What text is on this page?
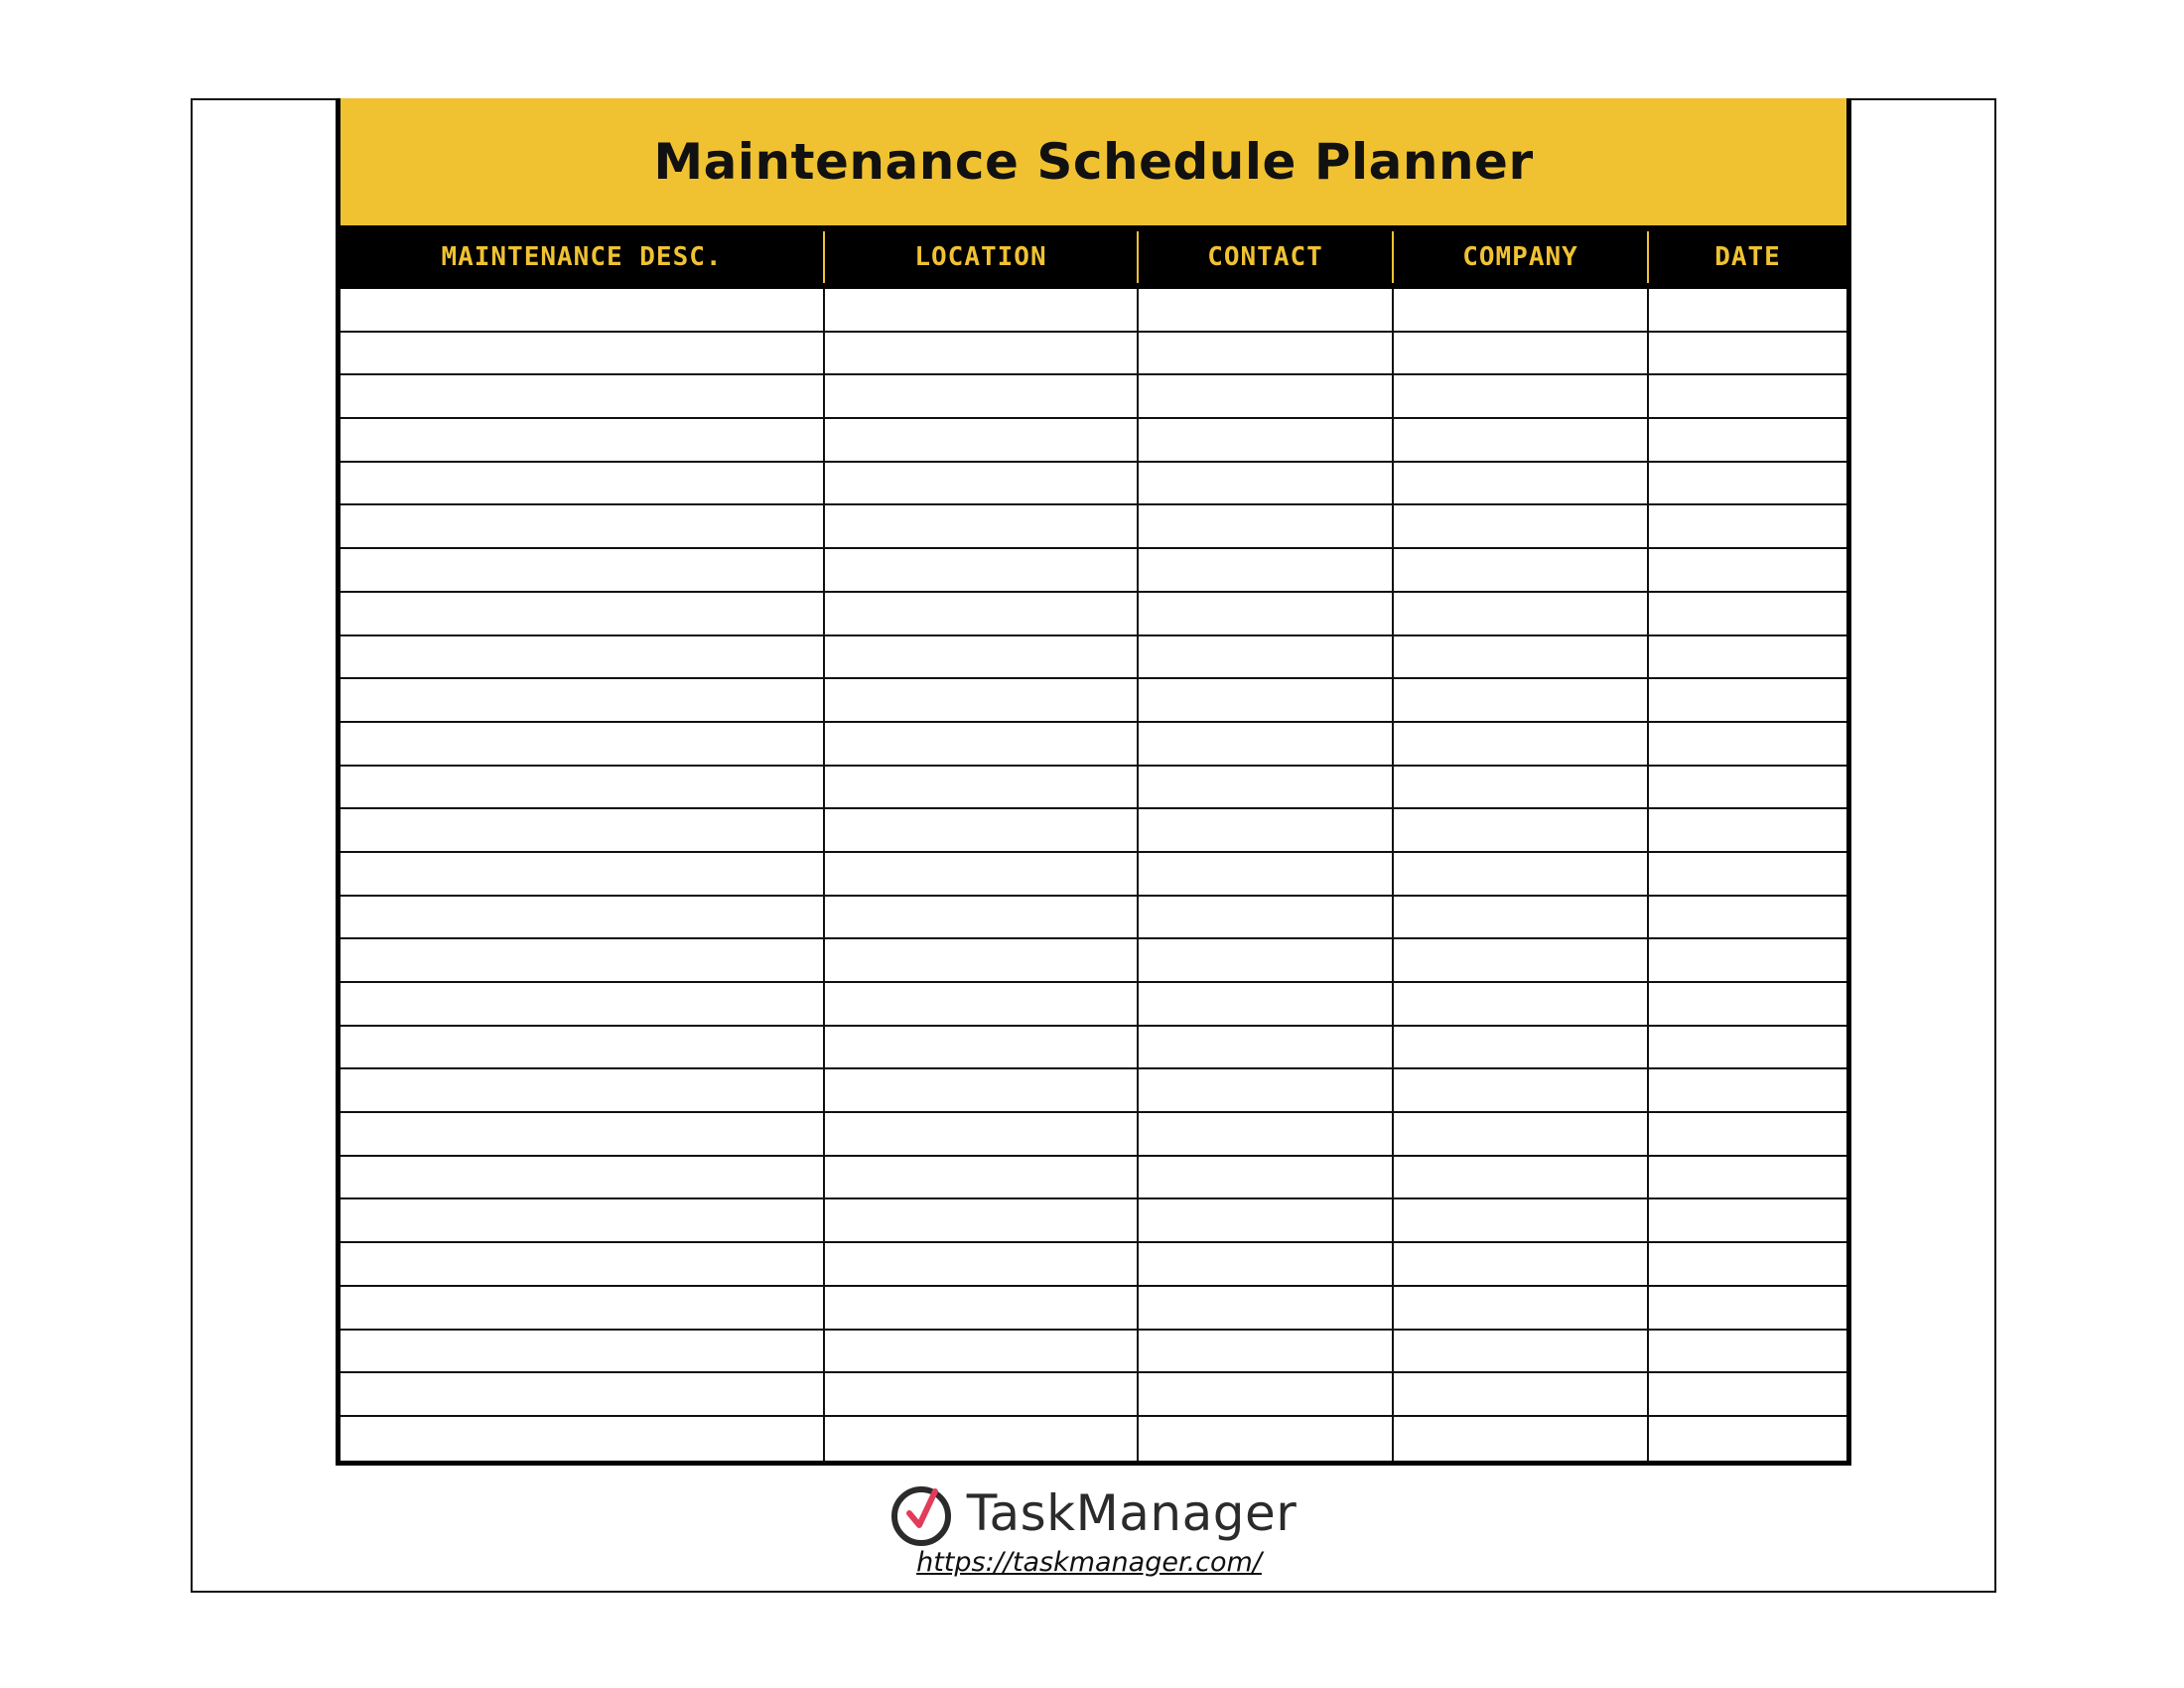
Maintenance Schedule Planner
MAINTENANCE DESC.	LOCATION	CONTACT	COMPANY	DATE
TaskManager
https://taskmanager.com/
